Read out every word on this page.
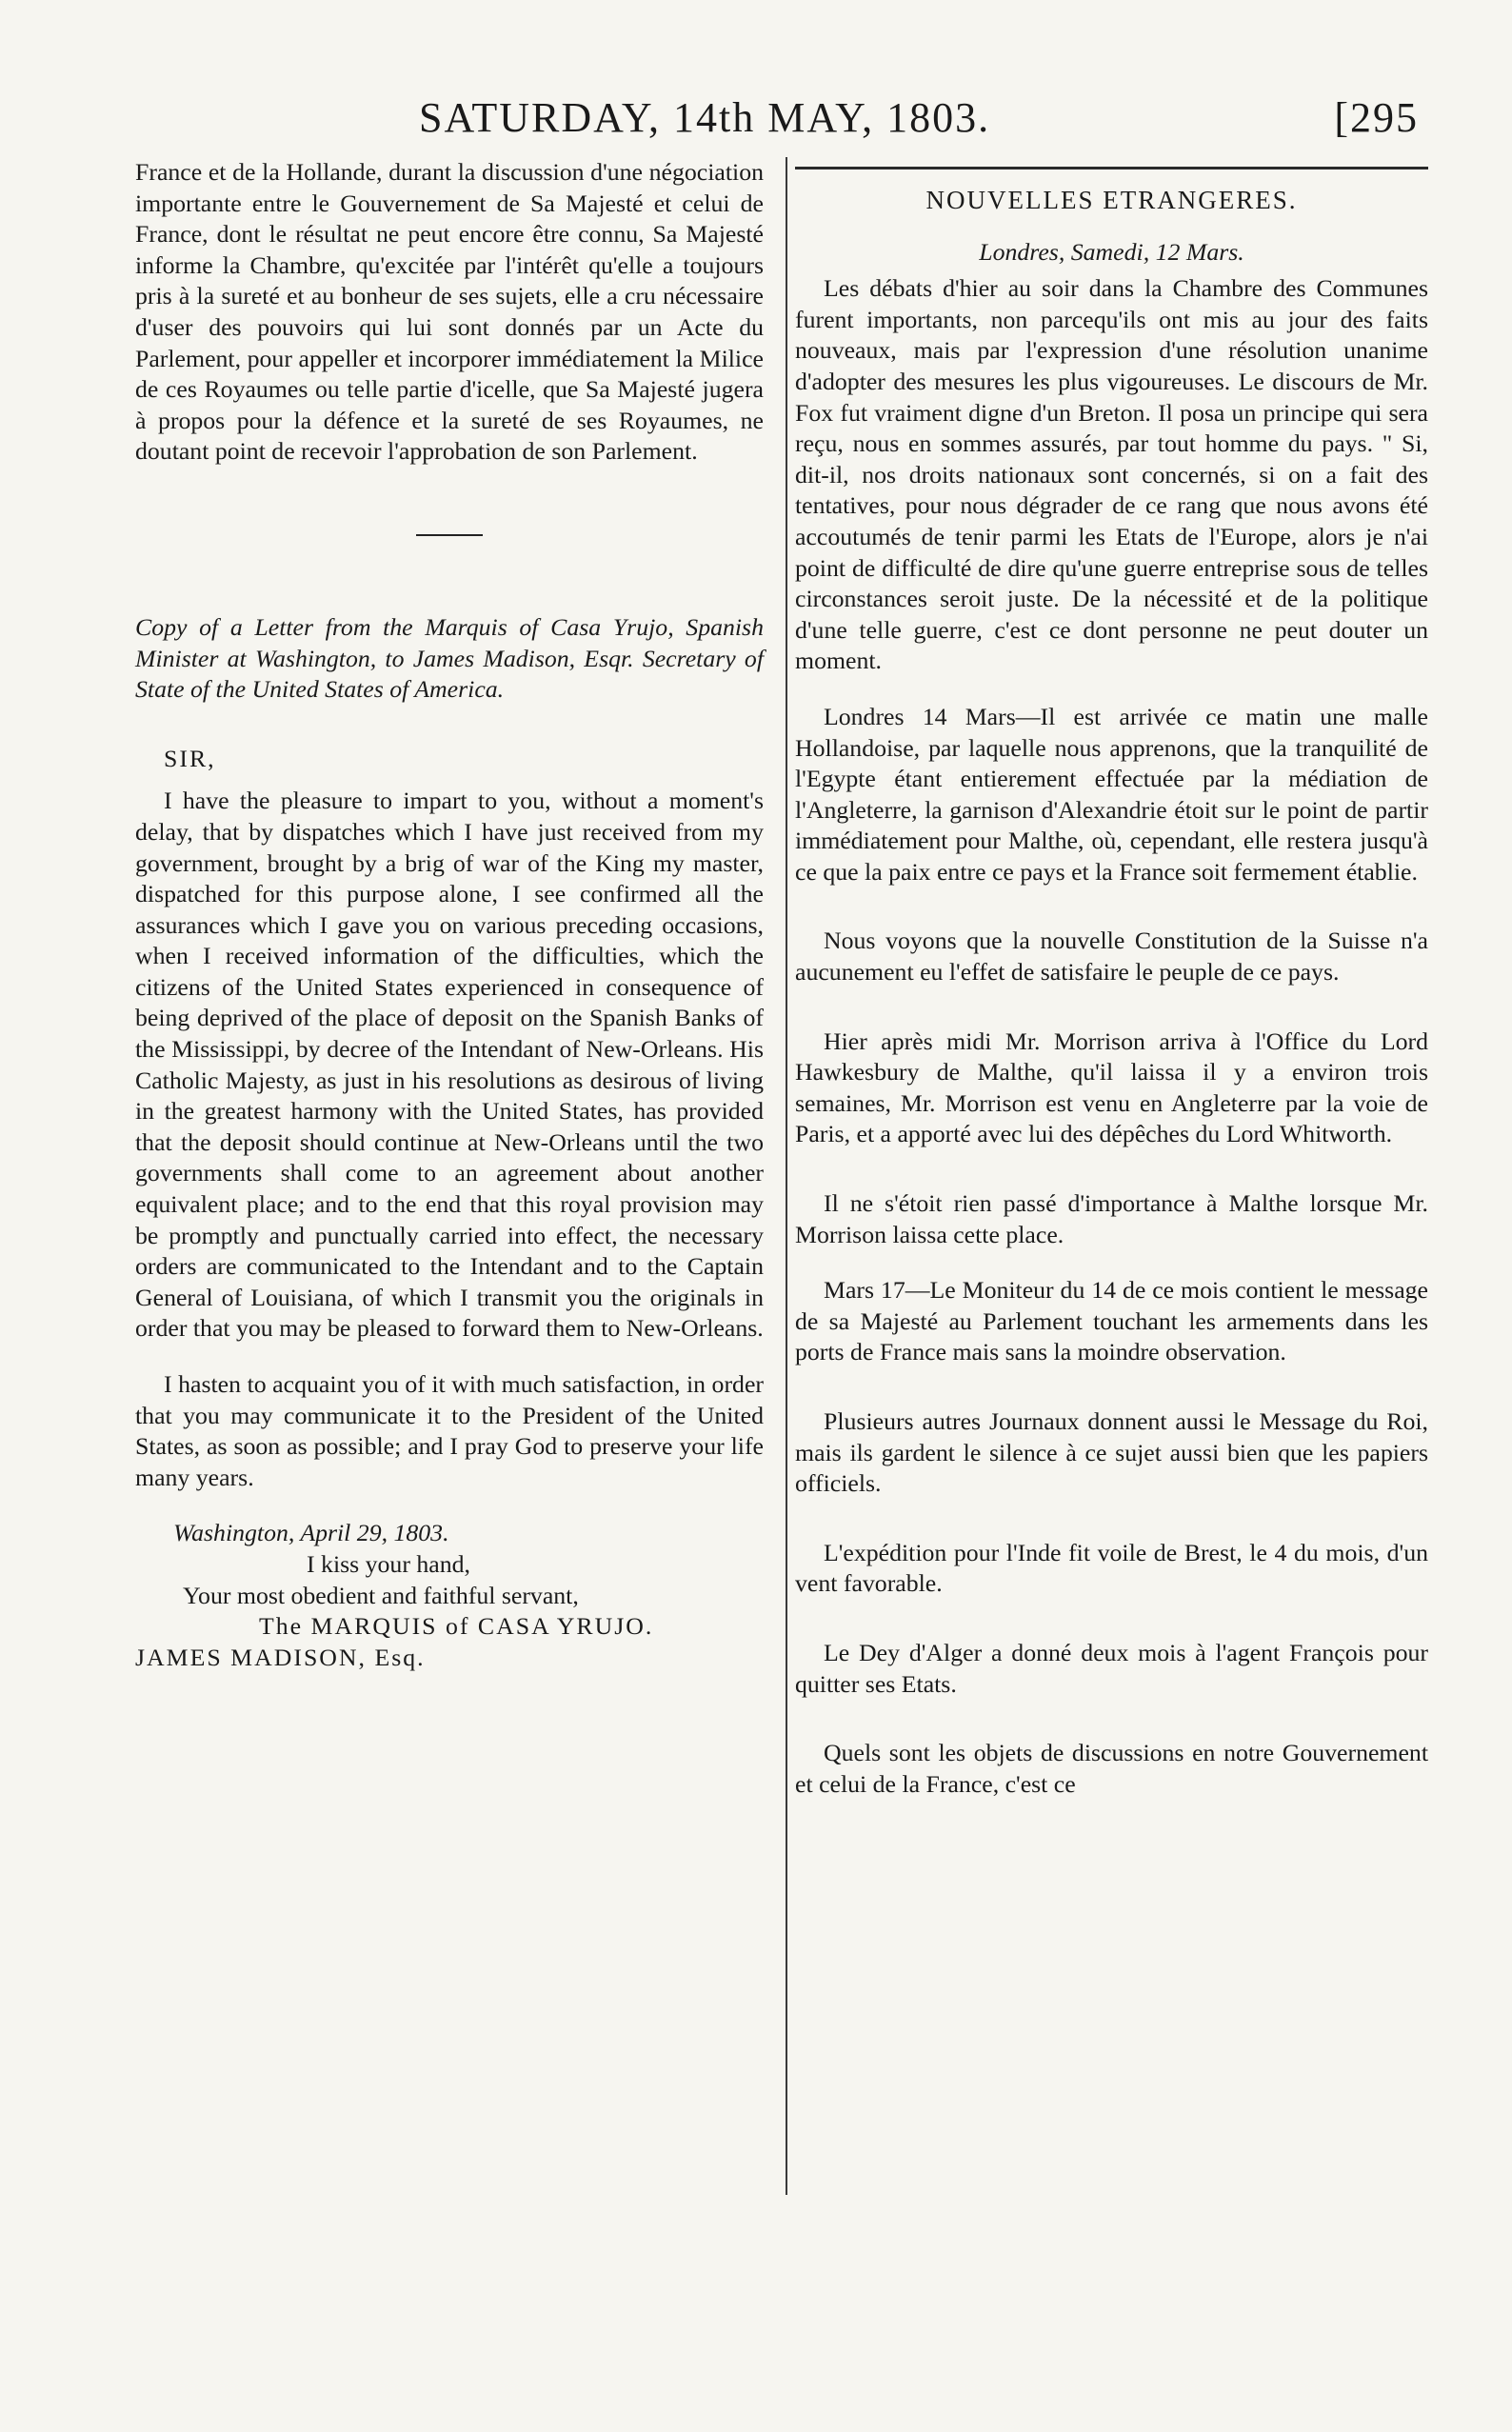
SATURDAY, 14th MAY, 1803.	[295

France et de la Hollande, durant la discussion d'une négociation importante entre le Gouvernement de Sa Majesté et celui de France, dont le résultat ne peut encore être connu, Sa Majesté informe la Chambre, qu'excitée par l'intérêt qu'elle a toujours pris à la sureté et au bonheur de ses sujets, elle a cru nécessaire d'user des pouvoirs qui lui sont donnés par un Acte du Parlement, pour appeller et incorporer immédiatement la Milice de ces Royaumes ou telle partie d'icelle, que Sa Majesté jugera à propos pour la défence et la sureté de ses Royaumes, ne doutant point de recevoir l'approbation de son Parlement.

Copy of a Letter from the Marquis of Casa Yrujo, Spanish Minister at Washington, to James Madison, Esqr. Secretary of State of the United States of America.

SIR,

I have the pleasure to impart to you, without a moment's delay, that by dispatches which I have just received from my government, brought by a brig of war of the King my master, dispatched for this purpose alone, I see confirmed all the assurances which I gave you on various preceding occasions, when I received information of the difficulties, which the citizens of the United States experienced in consequence of being deprived of the place of deposit on the Spanish Banks of the Mississippi, by decree of the Intendant of New-Orleans. His Catholic Majesty, as just in his resolutions as desirous of living in the greatest harmony with the United States, has provided that the deposit should continue at New-Orleans until the two governments shall come to an agreement about another equivalent place; and to the end that this royal provision may be promptly and punctually carried into effect, the necessary orders are communicated to the Intendant and to the Captain General of Louisiana, of which I transmit you the originals in order that you may be pleased to forward them to New-Orleans.

I hasten to acquaint you of it with much satisfaction, in order that you may communicate it to the President of the United States, as soon as possible; and I pray God to preserve your life many years.

Washington, April 29, 1803.

I kiss your hand,

Your most obedient and faithful servant,

The MARQUIS of CASA YRUJO.

JAMES MADISON, Esq.

NOUVELLES ETRANGERES.

Londres, Samedi, 12 Mars.

Les débats d'hier au soir dans la Chambre des Communes furent importants, non parcequ'ils ont mis au jour des faits nouveaux, mais par l'expression d'une résolution unanime d'adopter des mesures les plus vigoureuses. Le discours de Mr. Fox fut vraiment digne d'un Breton. Il posa un principe qui sera reçu, nous en sommes assurés, par tout homme du pays. " Si, dit-il, nos droits nationaux sont concernés, si on a fait des tentatives, pour nous dégrader de ce rang que nous avons été accoutumés de tenir parmi les Etats de l'Europe, alors je n'ai point de difficulté de dire qu'une guerre entreprise sous de telles circonstances seroit juste. De la nécessité et de la politique d'une telle guerre, c'est ce dont personne ne peut douter un moment.

Londres 14 Mars—Il est arrivée ce matin une malle Hollandoise, par laquelle nous apprenons, que la tranquilité de l'Egypte étant entierement effectuée par la médiation de l'Angleterre, la garnison d'Alexandrie étoit sur le point de partir immédiatement pour Malthe, où, cependant, elle restera jusqu'à ce que la paix entre ce pays et la France soit fermement établie.

Nous voyons que la nouvelle Constitution de la Suisse n'a aucunement eu l'effet de satisfaire le peuple de ce pays.

Hier après midi Mr. Morrison arriva à l'Office du Lord Hawkesbury de Malthe, qu'il laissa il y a environ trois semaines, Mr. Morrison est venu en Angleterre par la voie de Paris, et a apporté avec lui des dépêches du Lord Whitworth.

Il ne s'étoit rien passé d'importance à Malthe lorsque Mr. Morrison laissa cette place.

Mars 17—Le Moniteur du 14 de ce mois contient le message de sa Majesté au Parlement touchant les armements dans les ports de France mais sans la moindre observation.

Plusieurs autres Journaux donnent aussi le Message du Roi, mais ils gardent le silence à ce sujet aussi bien que les papiers officiels.

L'expédition pour l'Inde fit voile de Brest, le 4 du mois, d'un vent favorable.

Le Dey d'Alger a donné deux mois à l'agent François pour quitter ses Etats.

Quels sont les objets de discussions en notre Gouvernement et celui de la France, c'est ce
